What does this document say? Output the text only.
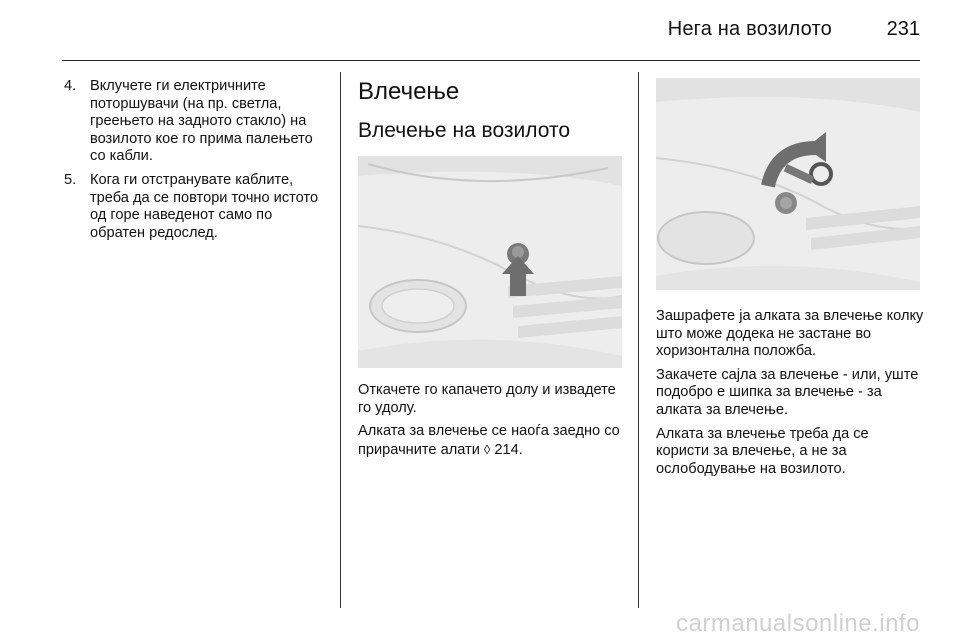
Нега на возилото	231
4. Вклучете ги електричните поторшувачи (на пр. светла, греењето на задното стакло) на возилото кое го прима палењето со кабли.
5. Кога ги отстранувате каблите, треба да се повтори точно истото од горе наведенот само по обратен редослед.
Влечење
Влечење на возилото

Откачете го капачето долу и извадете го удолу.

Алката за влечење се наоѓа заедно со прирачните алати ◊ 214.

Зашрафете ја алката за влечење колку што може додека не застане во хоризонтална положба.

Закачете сајла за влечење - или, уште подобро е шипка за влечење - за алката за влечење.

Алката за влечење треба да се користи за влечење, а не за ослободување на возилото.

carmanualsonline.info
